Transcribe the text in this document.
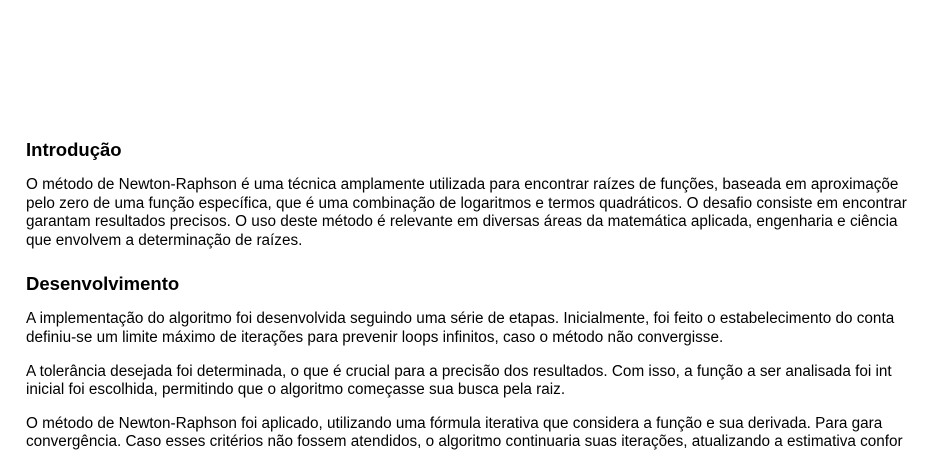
Introdução

O método de Newton-Raphson é uma técnica amplamente utilizada para encontrar raízes de funções, baseada em aproximaçõe
pelo zero de uma função específica, que é uma combinação de logaritmos e termos quadráticos. O desafio consiste em encontrar
garantam resultados precisos. O uso deste método é relevante em diversas áreas da matemática aplicada, engenharia e ciência
que envolvem a determinação de raízes.

Desenvolvimento

A implementação do algoritmo foi desenvolvida seguindo uma série de etapas. Inicialmente, foi feito o estabelecimento do conta
definiu-se um limite máximo de iterações para prevenir loops infinitos, caso o método não convergisse.

A tolerância desejada foi determinada, o que é crucial para a precisão dos resultados. Com isso, a função a ser analisada foi int
inicial foi escolhida, permitindo que o algoritmo começasse sua busca pela raiz.

O método de Newton-Raphson foi aplicado, utilizando uma fórmula iterativa que considera a função e sua derivada. Para gara
convergência. Caso esses critérios não fossem atendidos, o algoritmo continuaria suas iterações, atualizando a estimativa confor
